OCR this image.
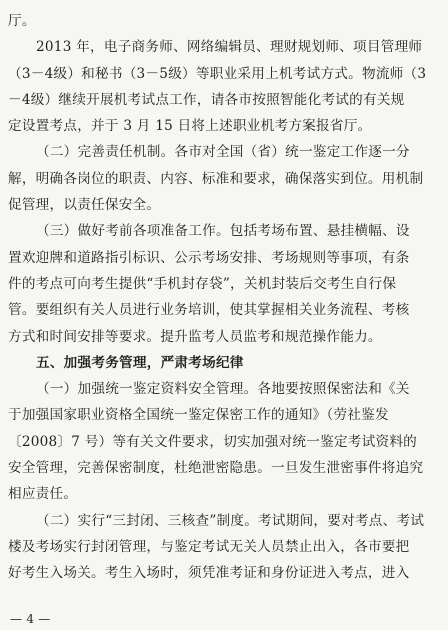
厅。
2013 年，电子商务师、网络编辑员、理财规划师、项目管理师
（3－4级）和秘书（3－5级）等职业采用上机考试方式。物流师（3
－4级）继续开展机考试点工作，请各市按照智能化考试的有关规
定设置考点，并于 3 月 15 日将上述职业机考方案报省厅。
（二）完善责任机制。各市对全国（省）统一鉴定工作逐一分
解，明确各岗位的职责、内容、标准和要求，确保落实到位。用机制
促管理，以责任保安全。
（三）做好考前各项准备工作。包括考场布置、悬挂横幅、设
置欢迎牌和道路指引标识、公示考场安排、考场规则等事项，有条
件的考点可向考生提供“手机封存袋”，关机封装后交考生自行保
管。要组织有关人员进行业务培训，使其掌握相关业务流程、考核
方式和时间安排等要求。提升监考人员监考和规范操作能力。
五、加强考务管理，严肃考场纪律
（一）加强统一鉴定资料安全管理。各地要按照保密法和《关
于加强国家职业资格全国统一鉴定保密工作的通知》（劳社鉴发
〔2008〕7 号）等有关文件要求，切实加强对统一鉴定考试资料的
安全管理，完善保密制度，杜绝泄密隐患。一旦发生泄密事件将追究
相应责任。
（二）实行“三封闭、三核查”制度。考试期间，要对考点、考试
楼及考场实行封闭管理，与鉴定考试无关人员禁止出入，各市要把
好考生入场关。考生入场时，须凭准考证和身份证进入考点，进入
— 4 —
